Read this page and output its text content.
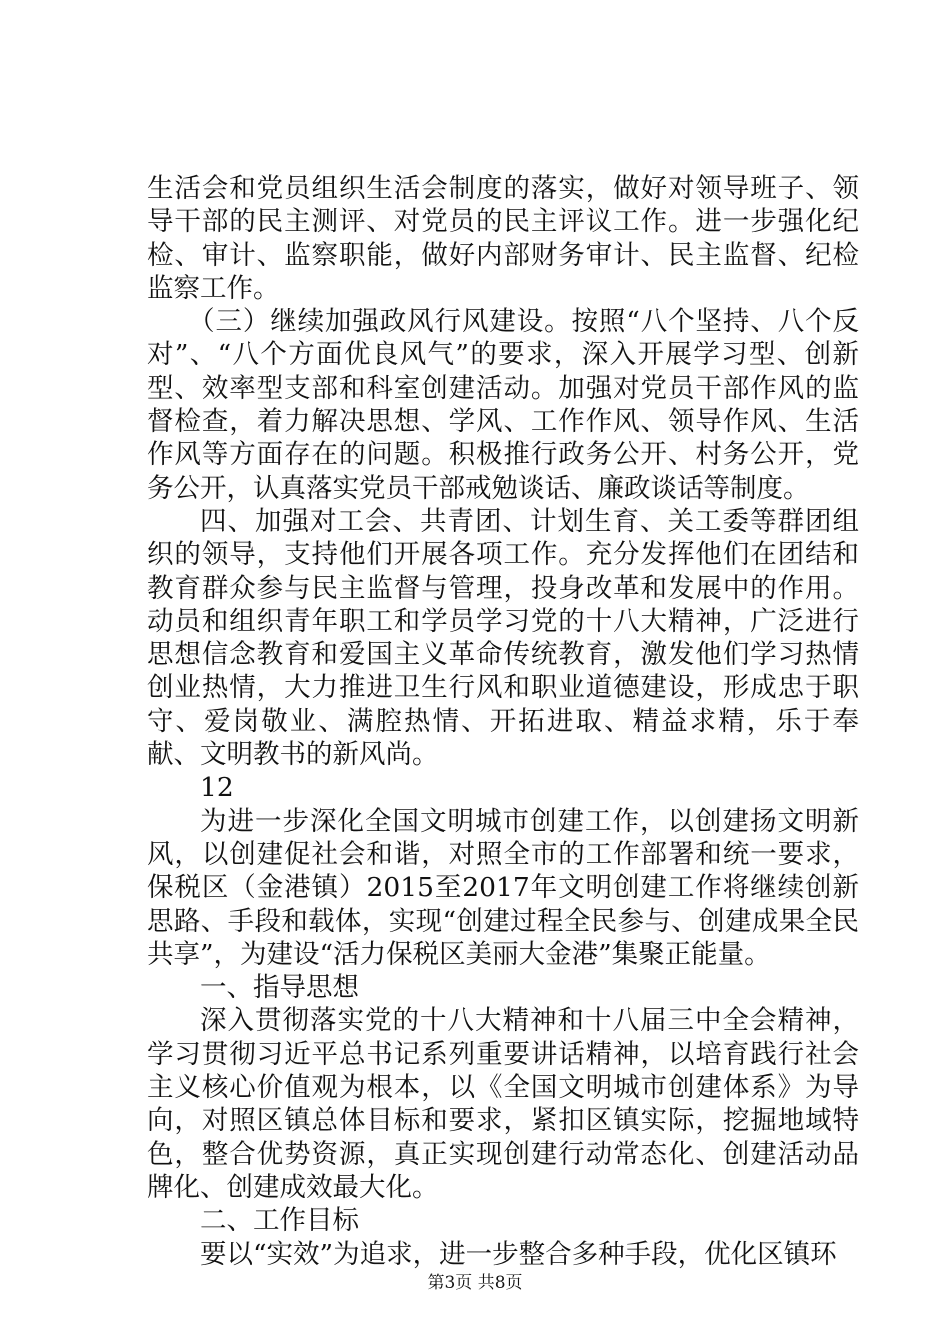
生活会和党员组织生活会制度的落实，做好对领导班子、领导干部的民主测评、对党员的民主评议工作。进一步强化纪检、审计、监察职能，做好内部财务审计、民主监督、纪检监察工作。

（三）继续加强政风行风建设。按照“八个坚持、八个反对”、“八个方面优良风气”的要求，深入开展学习型、创新型、效率型支部和科室创建活动。加强对党员干部作风的监督检查，着力解决思想、学风、工作作风、领导作风、生活作风等方面存在的问题。积极推行政务公开、村务公开，党务公开，认真落实党员干部戒勉谈话、廉政谈话等制度。

四、加强对工会、共青团、计划生育、关工委等群团组织的领导，支持他们开展各项工作。充分发挥他们在团结和教育群众参与民主监督与管理，投身改革和发展中的作用。动员和组织青年职工和学员学习党的十八大精神，广泛进行思想信念教育和爱国主义革命传统教育，激发他们学习热情创业热情，大力推进卫生行风和职业道德建设，形成忠于职守、爱岗敬业、满腔热情、开拓进取、精益求精，乐于奉献、文明教书的新风尚。

12

为进一步深化全国文明城市创建工作，以创建扬文明新风，以创建促社会和谐，对照全市的工作部署和统一要求，保税区（金港镇）2015至2017年文明创建工作将继续创新思路、手段和载体，实现“创建过程全民参与、创建成果全民共享”，为建设“活力保税区美丽大金港”集聚正能量。

一、指导思想

深入贯彻落实党的十八大精神和十八届三中全会精神，学习贯彻习近平总书记系列重要讲话精神，以培育践行社会主义核心价值观为根本，以《全国文明城市创建体系》为导向，对照区镇总体目标和要求，紧扣区镇实际，挖掘地域特色，整合优势资源，真正实现创建行动常态化、创建活动品牌化、创建成效最大化。

二、工作目标

要以“实效”为追求，进一步整合多种手段，优化区镇环

第3页 共8页
